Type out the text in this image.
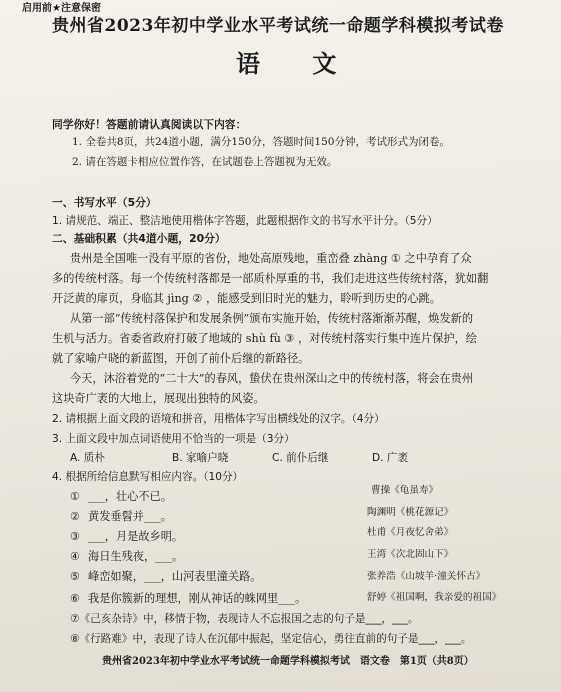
启用前★注意保密
贵州省2023年初中学业水平考试统一命题学科模拟考试卷
语 文
同学你好！答题前请认真阅读以下内容：
1. 全卷共8页，共24道小题，满分150分，答题时间150分钟，考试形式为闭卷。
2. 请在答题卡相应位置作答，在试题卷上答题视为无效。
一、书写水平（5分）
1. 请规范、端正、整洁地使用楷体字答题，此题根据作文的书写水平计分。（5分）
二、基础积累（共4道小题，20分）
贵州是全国唯一没有平原的省份，地处高原残地，重峦叠 zhàng ① 之中孕育了众
多的传统村落。每一个传统村落都是一部质朴厚重的书，我们走进这些传统村落，犹如翻
开泛黄的扉页，身临其 jìng ② ，能感受到旧时光的魅力，聆听到历史的心跳。
从第一部“传统村落保护和发展条例”颁布实施开始，传统村落渐渐苏醒，焕发新的
生机与活力。省委省政府打破了地域的 shù fù ③ ，对传统村落实行集中连片保护，绘
就了家喻户晓的新蓝图，开创了前仆后继的新路径。
今天，沐浴着党的“二十大”的春风，蛰伏在贵州深山之中的传统村落，将会在贵州
这块奇广袤的大地上，展现出独特的风姿。
2. 请根据上面文段的语境和拼音，用楷体字写出横线处的汉字。（4分）
3. 上面文段中加点词语使用不恰当的一项是（3分）
A. 质朴	B. 家喻户晓	C. 前仆后继	D. 广袤
4. 根据所给信息默写相应内容。（10分）
① ___，壮心不已。	曹操《龟虽寿》
② 黄发垂髫并___。	陶渊明《桃花源记》
③ ___，月是故乡明。	杜甫《月夜忆舍弟》
④ 海日生残夜，___。	王湾《次北固山下》
⑤ 峰峦如聚，___，山河表里潼关路。	张养浩《山坡羊·潼关怀古》
⑥ 我是你簇新的理想，刚从神话的蛛网里___。	舒婷《祖国啊，我亲爱的祖国》
⑦《己亥杂诗》中，移情于物，表现诗人不忘报国之志的句子是___，___。
⑧《行路难》中，表现了诗人在沉郁中振起，坚定信心，勇往直前的句子是___，___。
贵州省2023年初中学业水平考试统一命题学科模拟考试　语文卷　第1页（共8页）
